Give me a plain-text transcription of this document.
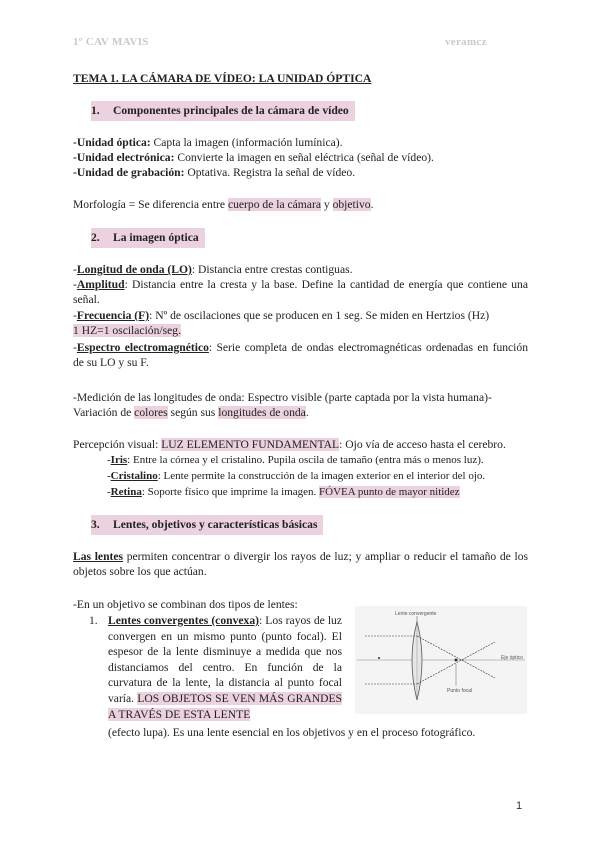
1º CAV MAVIS	veramcz
TEMA 1. LA CÁMARA DE VÍDEO: LA UNIDAD ÓPTICA
1. Componentes principales de la cámara de vídeo
-Unidad óptica: Capta la imagen (información lumínica).
-Unidad electrónica: Convierte la imagen en señal eléctrica (señal de vídeo).
-Unidad de grabación: Optativa. Registra la señal de vídeo.
Morfología = Se diferencia entre cuerpo de la cámara y objetivo.
2. La imagen óptica
-Longitud de onda (LO): Distancia entre crestas contiguas.
-Amplitud: Distancia entre la cresta y la base. Define la cantidad de energía que contiene una señal.
-Frecuencia (F): Nº de oscilaciones que se producen en 1 seg. Se miden en Hertzios (Hz)
1 HZ=1 oscilación/seg.
-Espectro electromagnético: Serie completa de ondas electromagnéticas ordenadas en función de su LO y su F.
-Medición de las longitudes de onda: Espectro visible (parte captada por la vista humana)-
Variación de colores según sus longitudes de onda.
Percepción visual: LUZ ELEMENTO FUNDAMENTAL: Ojo vía de acceso hasta el cerebro.
-Iris: Entre la córnea y el cristalino. Pupila oscila de tamaño (entra más o menos luz).
-Cristalino: Lente permite la construcción de la imagen exterior en el interior del ojo.
-Retina: Soporte físico que imprime la imagen. FÓVEA punto de mayor nitidez
3. Lentes, objetivos y características básicas
Las lentes permiten concentrar o divergir los rayos de luz; y ampliar o reducir el tamaño de los objetos sobre los que actúan.
-En un objetivo se combinan dos tipos de lentes:
1. Lentes convergentes (convexa): Los rayos de luz convergen en un mismo punto (punto focal). El espesor de la lente disminuye a medida que nos distanciamos del centro. En función de la curvatura de la lente, la distancia al punto focal varía. LOS OBJETOS SE VEN MÁS GRANDES A TRAVÉS DE ESTA LENTE
(efecto lupa). Es una lente esencial en los objetivos y en el proceso fotográfico.
Lente convergente
Punto focal
Eje óptico
1
